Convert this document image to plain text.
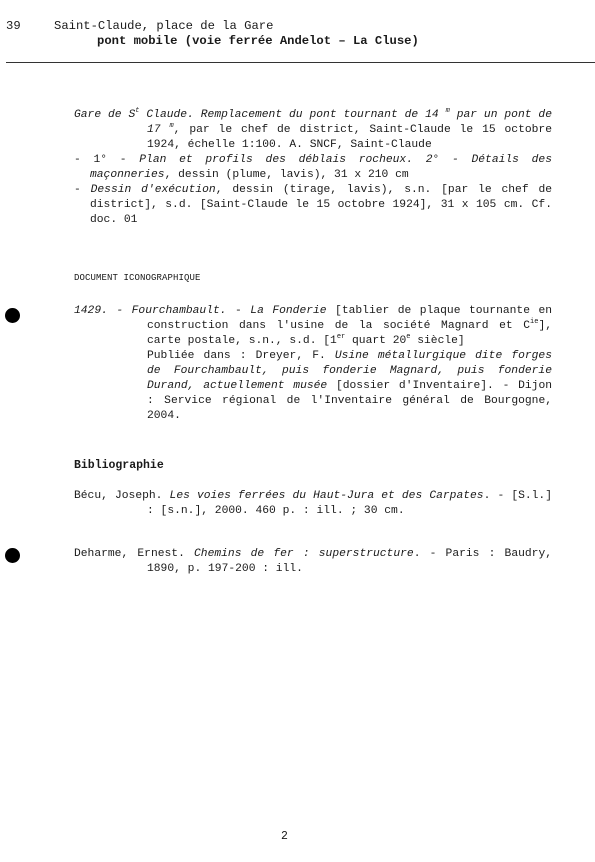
39	Saint-Claude, place de la Gare
pont mobile (voie ferrée Andelot – La Cluse)

Gare de $S^t$ Claude. Remplacement du pont tournant de 14 $^m$ par un pont de 17 $^m$, par le chef de district, Saint-Claude le 15 octobre 1924, échelle 1:100. A. SNCF, Saint-Claude

- 1° - Plan et profils des déblais rocheux. 2° - Détails des maçonneries, dessin (plume, lavis), 31 x 210 cm

- Dessin d'exécution, dessin (tirage, lavis), s.n. [par le chef de district], s.d. [Saint-Claude le 15 octobre 1924], 31 x 105 cm. Cf. doc. 01

DOCUMENT ICONOGRAPHIQUE

1429. - Fourchambault. - La Fonderie [tablier de plaque tournante en construction dans l'usine de la société Magnard et $C^{ie}$], carte postale, s.n., s.d. [1er quart 20e siècle]

Publiée dans : Dreyer, F. Usine métallurgique dite forges de Fourchambault, puis fonderie Magnard, puis fonderie Durand, actuellement musée [dossier d'Inventaire]. - Dijon : Service régional de l'Inventaire général de Bourgogne, 2004.

Bibliographie

Bécu, Joseph. Les voies ferrées du Haut-Jura et des Carpates. - [S.l.] : [s.n.], 2000. 460 p. : ill. ; 30 cm.

Deharme, Ernest. Chemins de fer : superstructure. - Paris : Baudry, 1890, p. 197-200 : ill.

2
